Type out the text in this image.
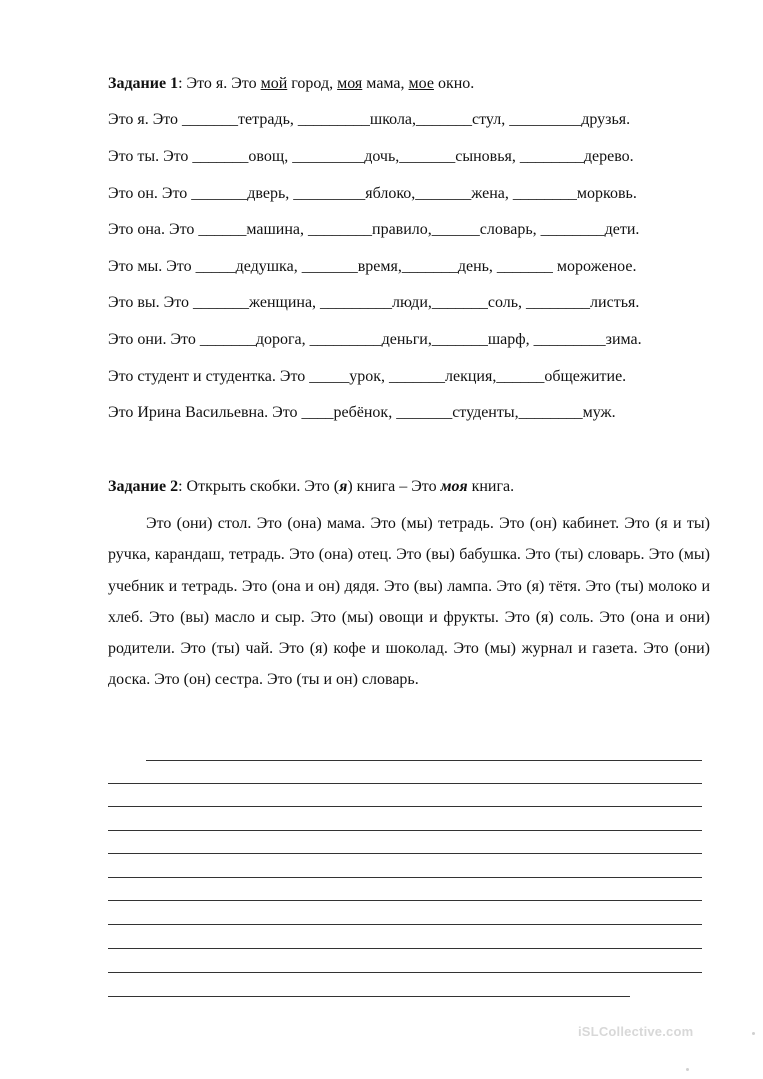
Задание 1: Это я. Это мой город, моя мама, мое окно.
Это я. Это _______тетрадь, _________школа,_______стул, _________друзья.
Это ты. Это _______овощ, _________дочь,_______сыновья, ________дерево.
Это он. Это _______дверь, _________яблоко,_______жена, ________морковь.
Это она. Это ______машина, ________правило,______словарь, ________дети.
Это мы. Это _____дедушка, _______время,_______день, _______ мороженое.
Это вы. Это _______женщина, _________люди,_______соль, ________листья.
Это они. Это _______дорога, _________деньги,_______шарф, _________зима.
Это студент и студентка. Это _____урок, _______лекция,______общежитие.
Это Ирина Васильевна. Это ____ребёнок, _______студенты,________муж.
Задание 2: Открыть скобки. Это (я) книга – Это моя книга.
Это (они) стол. Это (она) мама. Это (мы) тетрадь. Это (он) кабинет. Это (я и ты) ручка, карандаш, тетрадь. Это (она) отец. Это (вы) бабушка. Это (ты) словарь. Это (мы) учебник и тетрадь. Это (она и он) дядя. Это (вы) лампа. Это (я) тётя. Это (ты) молоко и хлеб. Это (вы) масло и сыр. Это (мы) овощи и фрукты. Это (я) соль. Это (она и они) родители. Это (ты) чай. Это (я) кофе и шоколад. Это (мы) журнал и газета. Это (они) доска. Это (он) сестра. Это (ты и он) словарь.
iSLCollective.com
